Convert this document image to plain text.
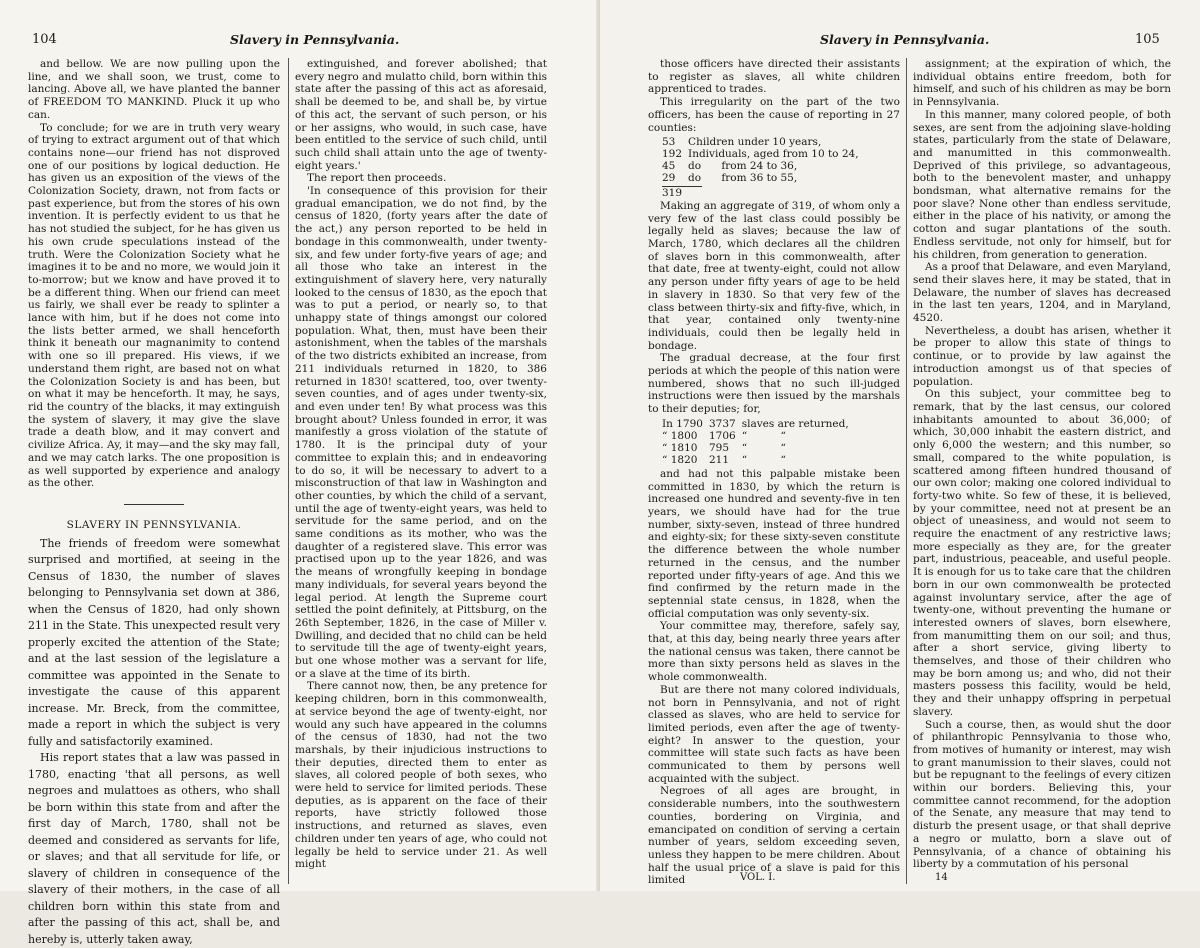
104	Slavery in Pennsylvania.

and bellow. We are now pulling upon the line, and we shall soon, we trust, come to lancing. Above all, we have planted the banner of FREEDOM TO MANKIND. Pluck it up who can.

To conclude; for we are in truth very weary of trying to extract argument out of that which contains none—our friend has not disproved one of our positions by logical deduction. He has given us an exposition of the views of the Colonization Society, drawn, not from facts or past experience, but from the stores of his own invention. It is perfectly evident to us that he has not studied the subject, for he has given us his own crude speculations instead of the truth. Were the Colonization Society what he imagines it to be and no more, we would join it to-morrow; but we know and have proved it to be a different thing. When our friend can meet us fairly, we shall ever be ready to splinter a lance with him, but if he does not come into the lists better armed, we shall henceforth think it beneath our magnanimity to contend with one so ill prepared. His views, if we understand them right, are based not on what the Colonization Society is and has been, but on what it may be henceforth. It may, he says, rid the country of the blacks, it may extinguish the system of slavery, it may give the slave trade a death blow, and it may convert and civilize Africa. Ay, it may—and the sky may fall, and we may catch larks. The one proposition is as well supported by experience and analogy as the other.

SLAVERY IN PENNSYLVANIA.

The friends of freedom were somewhat surprised and mortified, at seeing in the Census of 1830, the number of slaves belonging to Pennsylvania set down at 386, when the Census of 1820, had only shown 211 in the State. This unexpected result very properly excited the attention of the State; and at the last session of the legislature a committee was appointed in the Senate to investigate the cause of this apparent increase. Mr. Breck, from the committee, made a report in which the subject is very fully and satisfactorily examined.

His report states that a law was passed in 1780, enacting 'that all persons, as well negroes and mulattoes as others, who shall be born within this state from and after the first day of March, 1780, shall not be deemed and considered as servants for life, or slaves; and that all servitude for life, or slavery of children in consequence of the slavery of their mothers, in the case of all children born within this state from and after the passing of this act, shall be, and hereby is, utterly taken away,

extinguished, and forever abolished; that every negro and mulatto child, born within this state after the passing of this act as aforesaid, shall be deemed to be, and shall be, by virtue of this act, the servant of such person, or his or her assigns, who would, in such case, have been entitled to the service of such child, until such child shall attain unto the age of twenty-eight years.'

The report then proceeds.

'In consequence of this provision for their gradual emancipation, we do not find, by the census of 1820, (forty years after the date of the act,) any person reported to be held in bondage in this commonwealth, under twenty-six, and few under forty-five years of age; and all those who take an interest in the extinguishment of slavery here, very naturally looked to the census of 1830, as the epoch that was to put a period, or nearly so, to that unhappy state of things amongst our colored population. What, then, must have been their astonishment, when the tables of the marshals of the two districts exhibited an increase, from 211 individuals returned in 1820, to 386 returned in 1830! scattered, too, over twenty-seven counties, and of ages under twenty-six, and even under ten! By what process was this brought about? Unless founded in error, it was manifestly a gross violation of the statute of 1780. It is the principal duty of your committee to explain this; and in endeavoring to do so, it will be necessary to advert to a misconstruction of that law in Washington and other counties, by which the child of a servant, until the age of twenty-eight years, was held to servitude for the same period, and on the same conditions as its mother, who was the daughter of a registered slave. This error was practised upon up to the year 1826, and was the means of wrongfully keeping in bondage many individuals, for several years beyond the legal period. At length the Supreme court settled the point definitely, at Pittsburg, on the 26th September, 1826, in the case of Miller v. Dwilling, and decided that no child can be held to servitude till the age of twenty-eight years, but one whose mother was a servant for life, or a slave at the time of its birth.

There cannot now, then, be any pretence for keeping children, born in this commonwealth, at service beyond the age of twenty-eight, nor would any such have appeared in the columns of the census of 1830, had not the two marshals, by their injudicious instructions to their deputies, directed them to enter as slaves, all colored people of both sexes, who were held to service for limited periods. These deputies, as is apparent on the face of their reports, have strictly followed those instructions, and returned as slaves, even children under ten years of age, who could not legally be held to service under 21. As well might

Slavery in Pennsylvania.	105

those officers have directed their assistants to register as slaves, all white children apprenticed to trades.

This irregularity on the part of the two officers, has been the cause of reporting in 27 counties:

53	Children under 10 years,	
192	Individuals, aged from 10 to 24,	
45	do	from 24 to 36,
29	do	from 36 to 55,
319

Making an aggregate of 319, of whom only a very few of the last class could possibly be legally held as slaves; because the law of March, 1780, which declares all the children of slaves born in this commonwealth, after that date, free at twenty-eight, could not allow any person under fifty years of age to be held in slavery in 1830. So that very few of the class between thirty-six and fifty-five, which, in that year, contained only twenty-nine individuals, could then be legally held in bondage.

The gradual decrease, at the four first periods at which the people of this nation were numbered, shows that no such ill-judged instructions were then issued by the marshals to their deputies; for,

In 1790	3737	slaves are returned,
“ 1800	1706	“          “
“ 1810	795	“          “
“ 1820	211	“          “

and had not this palpable mistake been committed in 1830, by which the return is increased one hundred and seventy-five in ten years, we should have had for the true number, sixty-seven, instead of three hundred and eighty-six; for these sixty-seven constitute the difference between the whole number returned in the census, and the number reported under fifty-years of age. And this we find confirmed by the return made in the septennial state census, in 1828, when the official computation was only seventy-six.

Your committee may, therefore, safely say, that, at this day, being nearly three years after the national census was taken, there cannot be more than sixty persons held as slaves in the whole commonwealth.

But are there not many colored individuals, not born in Pennsylvania, and not of right classed as slaves, who are held to service for limited periods, even after the age of twenty-eight? In answer to the question, your committee will state such facts as have been communicated to them by persons well acquainted with the subject.

Negroes of all ages are brought, in considerable numbers, into the southwestern counties, bordering on Virginia, and emancipated on condition of serving a certain number of years, seldom exceeding seven, unless they happen to be mere children. About half the usual price of a slave is paid for this limited

assignment; at the expiration of which, the individual obtains entire freedom, both for himself, and such of his children as may be born in Pennsylvania.

In this manner, many colored people, of both sexes, are sent from the adjoining slave-holding states, particularly from the state of Delaware, and manumitted in this commonwealth. Deprived of this privilege, so advantageous, both to the benevolent master, and unhappy bondsman, what alternative remains for the poor slave? None other than endless servitude, either in the place of his nativity, or among the cotton and sugar plantations of the south. Endless servitude, not only for himself, but for his children, from generation to generation.

As a proof that Delaware, and even Maryland, send their slaves here, it may be stated, that in Delaware, the number of slaves has decreased in the last ten years, 1204, and in Maryland, 4520.

Nevertheless, a doubt has arisen, whether it be proper to allow this state of things to continue, or to provide by law against the introduction amongst us of that species of population.

On this subject, your committee beg to remark, that by the last census, our colored inhabitants amounted to about 36,000; of which, 30,000 inhabit the eastern district, and only 6,000 the western; and this number, so small, compared to the white population, is scattered among fifteen hundred thousand of our own color; making one colored individual to forty-two white. So few of these, it is believed, by your committee, need not at present be an object of uneasiness, and would not seem to require the enactment of any restrictive laws; more especially as they are, for the greater part, industrious, peaceable, and useful people. It is enough for us to take care that the children born in our own commonwealth be protected against involuntary service, after the age of twenty-one, without preventing the humane or interested owners of slaves, born elsewhere, from manumitting them on our soil; and thus, after a short service, giving liberty to themselves, and those of their children who may be born among us; and who, did not their masters possess this facility, would be held, they and their unhappy offspring in perpetual slavery.

Such a course, then, as would shut the door of philanthropic Pennsylvania to those who, from motives of humanity or interest, may wish to grant manumission to their slaves, could not but be repugnant to the feelings of every citizen within our borders. Believing this, your committee cannot recommend, for the adoption of the Senate, any measure that may tend to disturb the present usage, or that shall deprive a negro or mulatto, born a slave out of Pennsylvania, of a chance of obtaining his liberty by a commutation of his personal

VOL. I.	14
